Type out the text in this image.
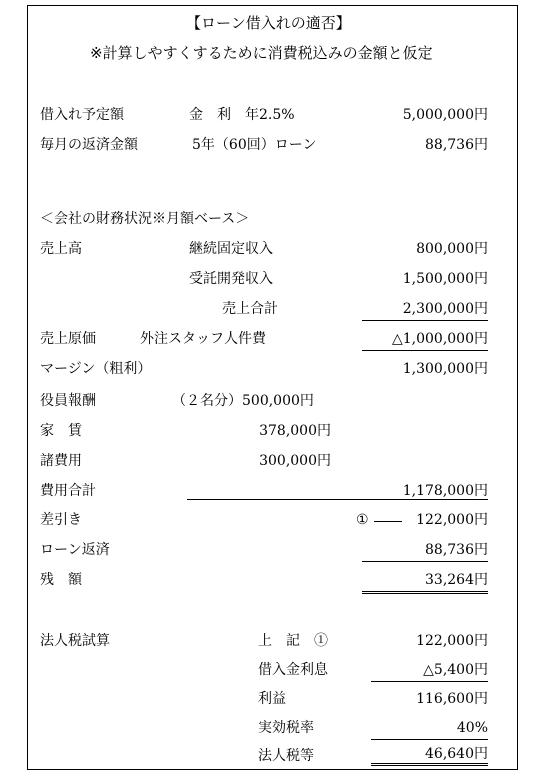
【ローン借入れの適否】
※計算しやすくするために消費税込みの金額と仮定
借入れ予定額	金　利　年2.5%	5,000,000円
毎月の返済金額	5年（60回）ローン	88,736円
＜会社の財務状況※月額ベース＞
売上高	継続固定収入	800,000円
受託開発収入	1,500,000円
売上合計	2,300,000円
売上原価	外注スタッフ人件費	△1,000,000円
マージン（粗利）	1,300,000円
役員報酬	（２名分）500,000円
家　賃	378,000円
諸費用	300,000円
費用合計	1,178,000円
差引き	①	122,000円
ローン返済	88,736円
残　額	33,264円
法人税試算	上　記　①	122,000円
借入金利息	△5,400円
利益	116,600円
実効税率	40%
法人税等	46,640円
